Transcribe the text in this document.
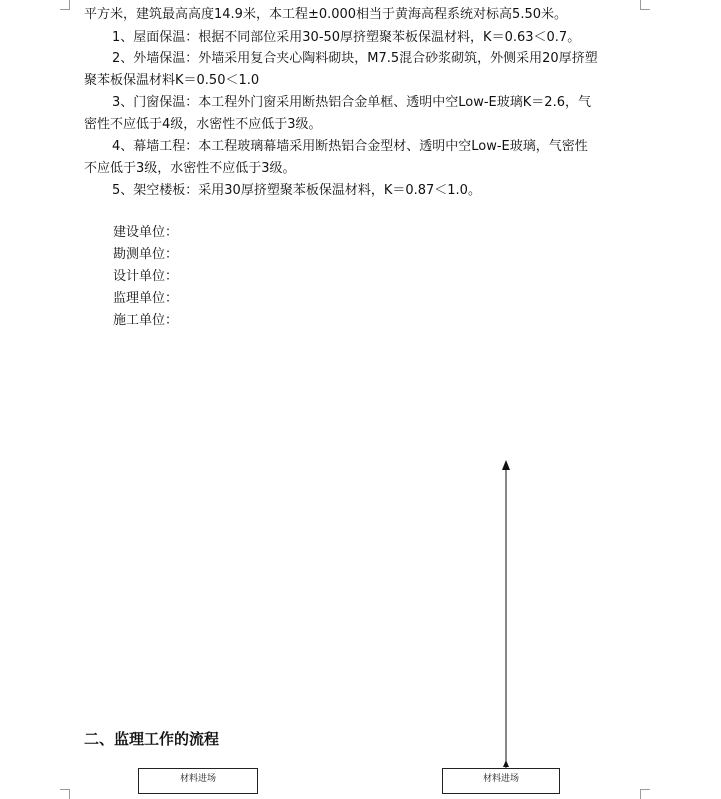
平方米，建筑最高高度14.9米，本工程±0.000相当于黄海高程系统对标高5.50米。
1、屋面保温：根据不同部位采用30-50厚挤塑聚苯板保温材料，K＝0.63＜0.7。
2、外墙保温：外墙采用复合夹心陶料砌块，M7.5混合砂浆砌筑，外侧采用20厚挤塑
聚苯板保温材料K＝0.50＜1.0
3、门窗保温：本工程外门窗采用断热铝合金单框、透明中空Low-E玻璃K＝2.6，气
密性不应低于4级，水密性不应低于3级。
4、幕墙工程：本工程玻璃幕墙采用断热铝合金型材、透明中空Low-E玻璃，气密性
不应低于3级，水密性不应低于3级。
5、架空楼板：采用30厚挤塑聚苯板保温材料，K＝0.87＜1.0。
建设单位：
勘测单位：
设计单位：
监理单位：
施工单位：
二、监理工作的流程
材料进场	材料进场
